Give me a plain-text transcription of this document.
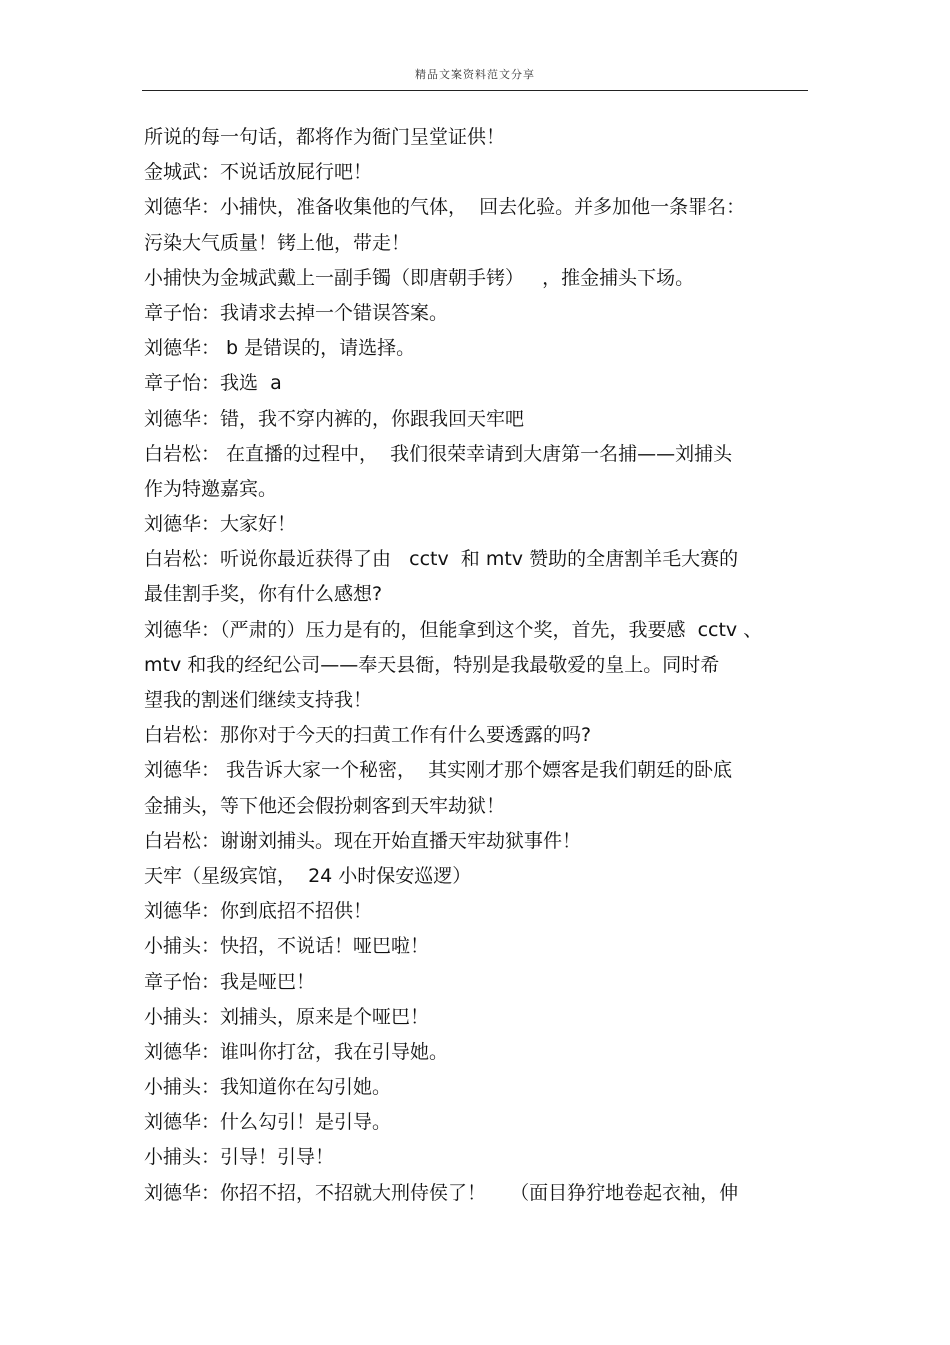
精品文案资料范文分享
所说的每一句话，都将作为衙门呈堂证供！
金城武：不说话放屁行吧！
刘德华：小捕快，准备收集他的气体，  回去化验。并多加他一条罪名：
污染大气质量！铐上他，带走！
小捕快为金城武戴上一副手镯（即唐朝手铐）   ，推金捕头下场。
章子怡：我请求去掉一个错误答案。
刘德华： b 是错误的，请选择。
章子怡：我选  a
刘德华：错，我不穿内裤的，你跟我回天牢吧
白岩松： 在直播的过程中，  我们很荣幸请到大唐第一名捕——刘捕头
作为特邀嘉宾。
刘德华：大家好！
白岩松：听说你最近获得了由   cctv  和 mtv 赞助的全唐割羊毛大赛的
最佳割手奖，你有什么感想?
刘德华：（严肃的）压力是有的，但能拿到这个奖，首先，我要感  cctv 、
mtv 和我的经纪公司——奉天县衙，特别是我最敬爱的皇上。同时希
望我的割迷们继续支持我！
白岩松：那你对于今天的扫黄工作有什么要透露的吗?
刘德华： 我告诉大家一个秘密，  其实刚才那个嫖客是我们朝廷的卧底
金捕头，等下他还会假扮刺客到天牢劫狱！
白岩松：谢谢刘捕头。现在开始直播天牢劫狱事件！
天牢（星级宾馆，  24 小时保安巡逻）
刘德华：你到底招不招供！
小捕头：快招，不说话！哑巴啦！
章子怡：我是哑巴！
小捕头：刘捕头，原来是个哑巴！
刘德华：谁叫你打岔，我在引导她。
小捕头：我知道你在勾引她。
刘德华：什么勾引！是引导。
小捕头：引导！引导！
刘德华：你招不招，不招就大刑侍侯了！    （面目狰狞地卷起衣袖，伸
